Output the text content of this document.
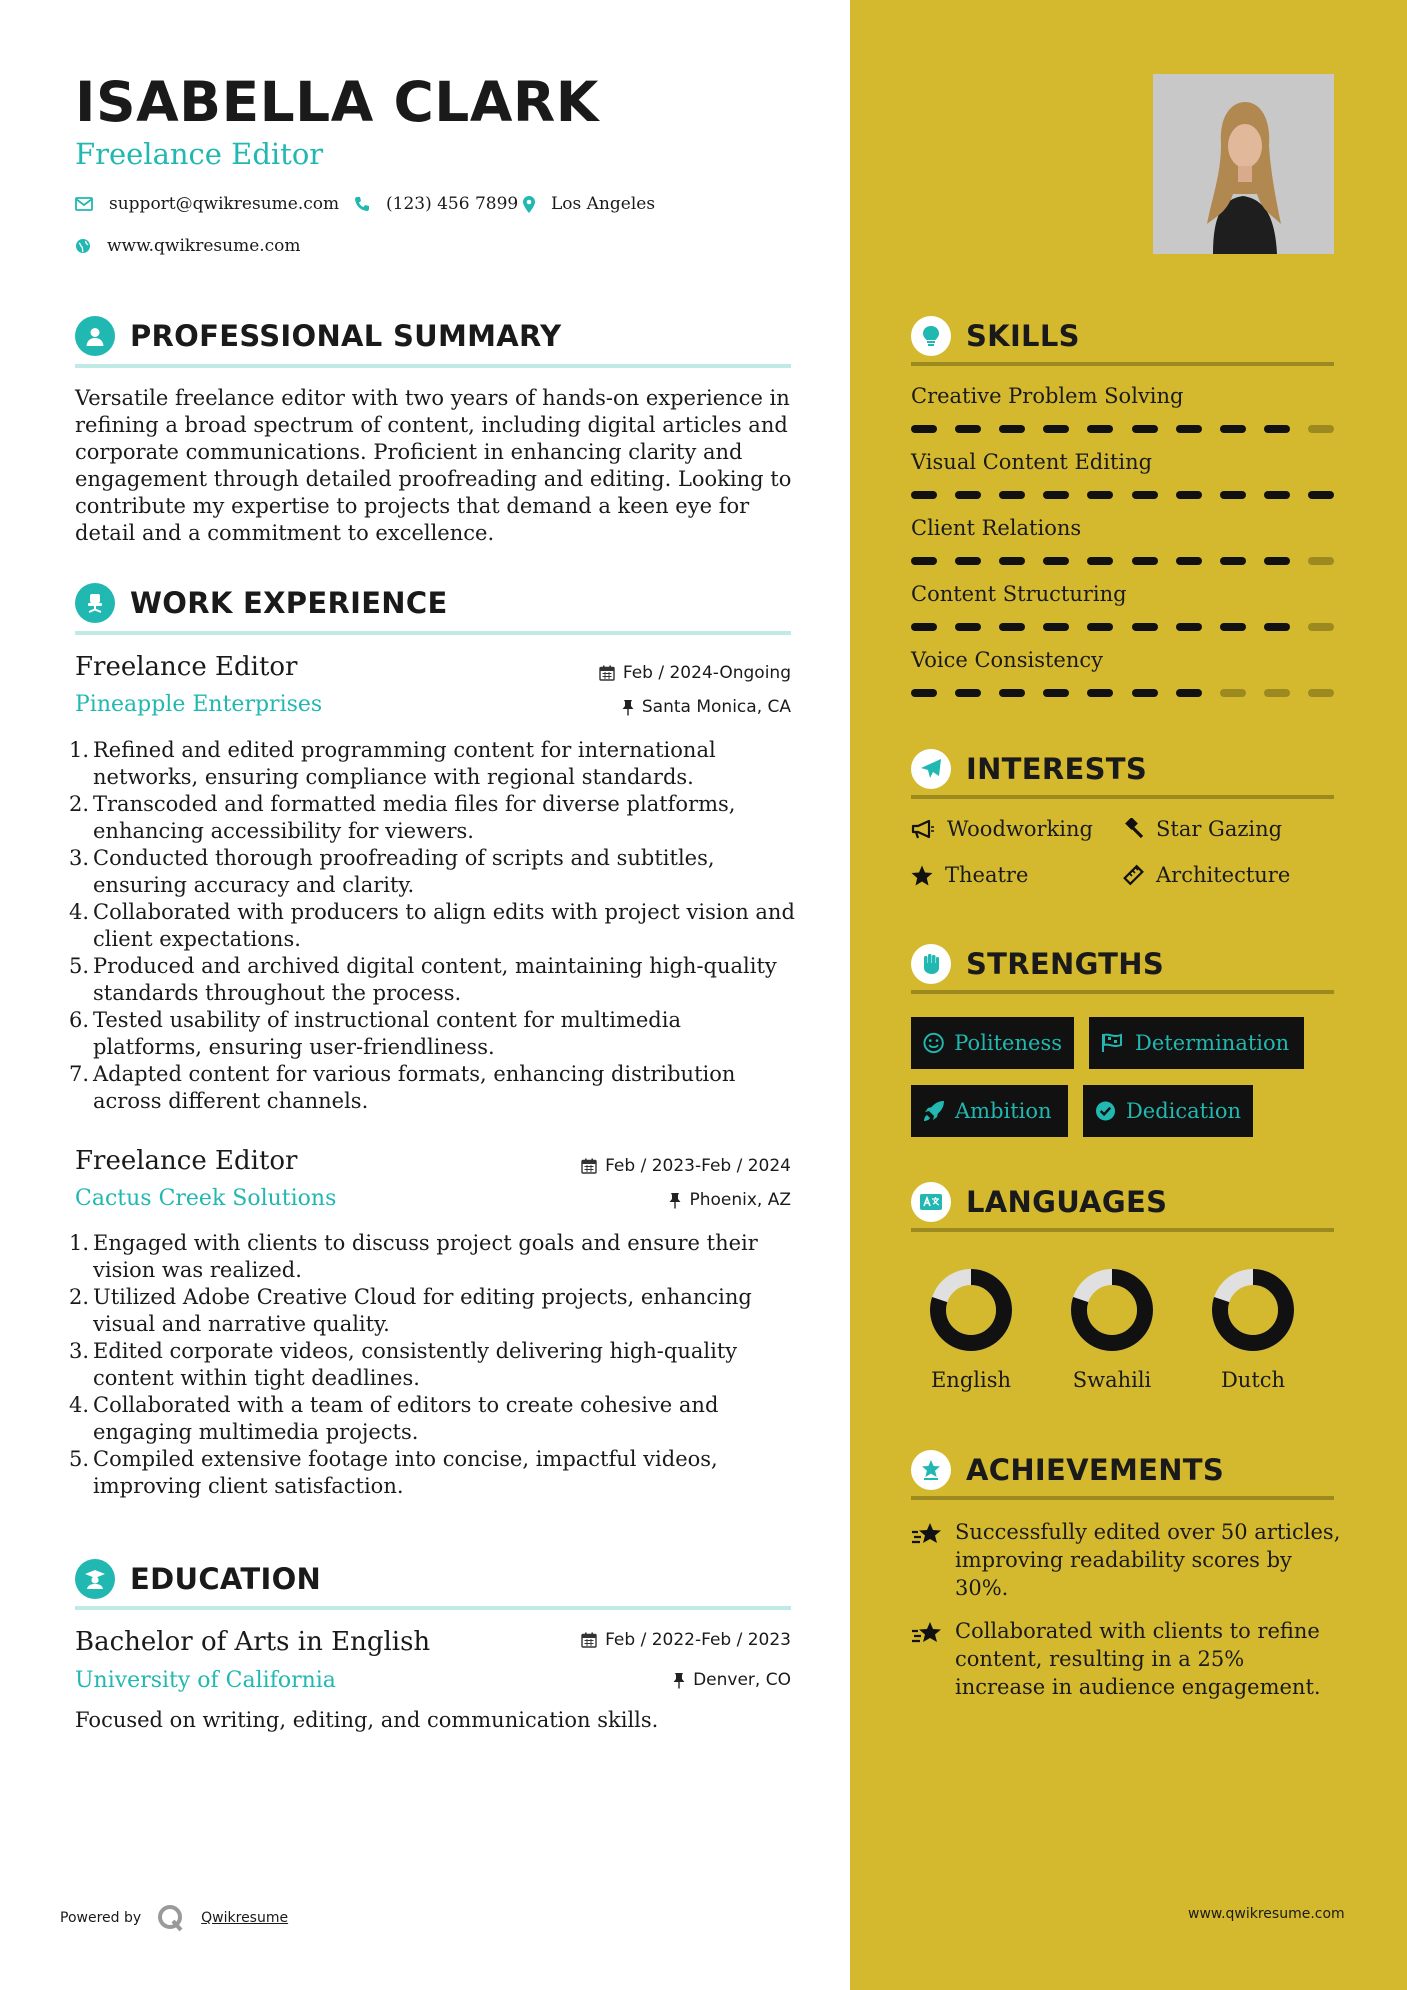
ISABELLA CLARK
Freelance Editor
support@qwikresume.com	(123) 456 7899 Los Angeles
www.qwikresume.com
PROFESSIONAL SUMMARY
Versatile freelance editor with two years of hands-on experience in refining a broad spectrum of content, including digital articles and corporate communications. Proficient in enhancing clarity and engagement through detailed proofreading and editing. Looking to contribute my expertise to projects that demand a keen eye for detail and a commitment to excellence.
WORK EXPERIENCE
Freelance Editor	Feb / 2024-Ongoing
Pineapple Enterprises	Santa Monica, CA
1. Refined and edited programming content for international networks, ensuring compliance with regional standards.
2. Transcoded and formatted media files for diverse platforms, enhancing accessibility for viewers.
3. Conducted thorough proofreading of scripts and subtitles, ensuring accuracy and clarity.
4. Collaborated with producers to align edits with project vision and client expectations.
5. Produced and archived digital content, maintaining high-quality standards throughout the process.
6. Tested usability of instructional content for multimedia platforms, ensuring user-friendliness.
7. Adapted content for various formats, enhancing distribution across different channels.
Freelance Editor	Feb / 2023-Feb / 2024
Cactus Creek Solutions	Phoenix, AZ
1. Engaged with clients to discuss project goals and ensure their vision was realized.
2. Utilized Adobe Creative Cloud for editing projects, enhancing visual and narrative quality.
3. Edited corporate videos, consistently delivering high-quality content within tight deadlines.
4. Collaborated with a team of editors to create cohesive and engaging multimedia projects.
5. Compiled extensive footage into concise, impactful videos, improving client satisfaction.
EDUCATION
Bachelor of Arts in English	Feb / 2022-Feb / 2023
University of California	Denver, CO
Focused on writing, editing, and communication skills.
Powered by	Qwikresume
SKILLS
Creative Problem Solving
Visual Content Editing
Client Relations
Content Structuring
Voice Consistency
INTERESTS
Woodworking	Star Gazing
Theatre	Architecture
STRENGTHS
Politeness	Determination
Ambition	Dedication
LANGUAGES
English	Swahili	Dutch
ACHIEVEMENTS
Successfully edited over 50 articles, improving readability scores by 30%.
Collaborated with clients to refine content, resulting in a 25% increase in audience engagement.
www.qwikresume.com
